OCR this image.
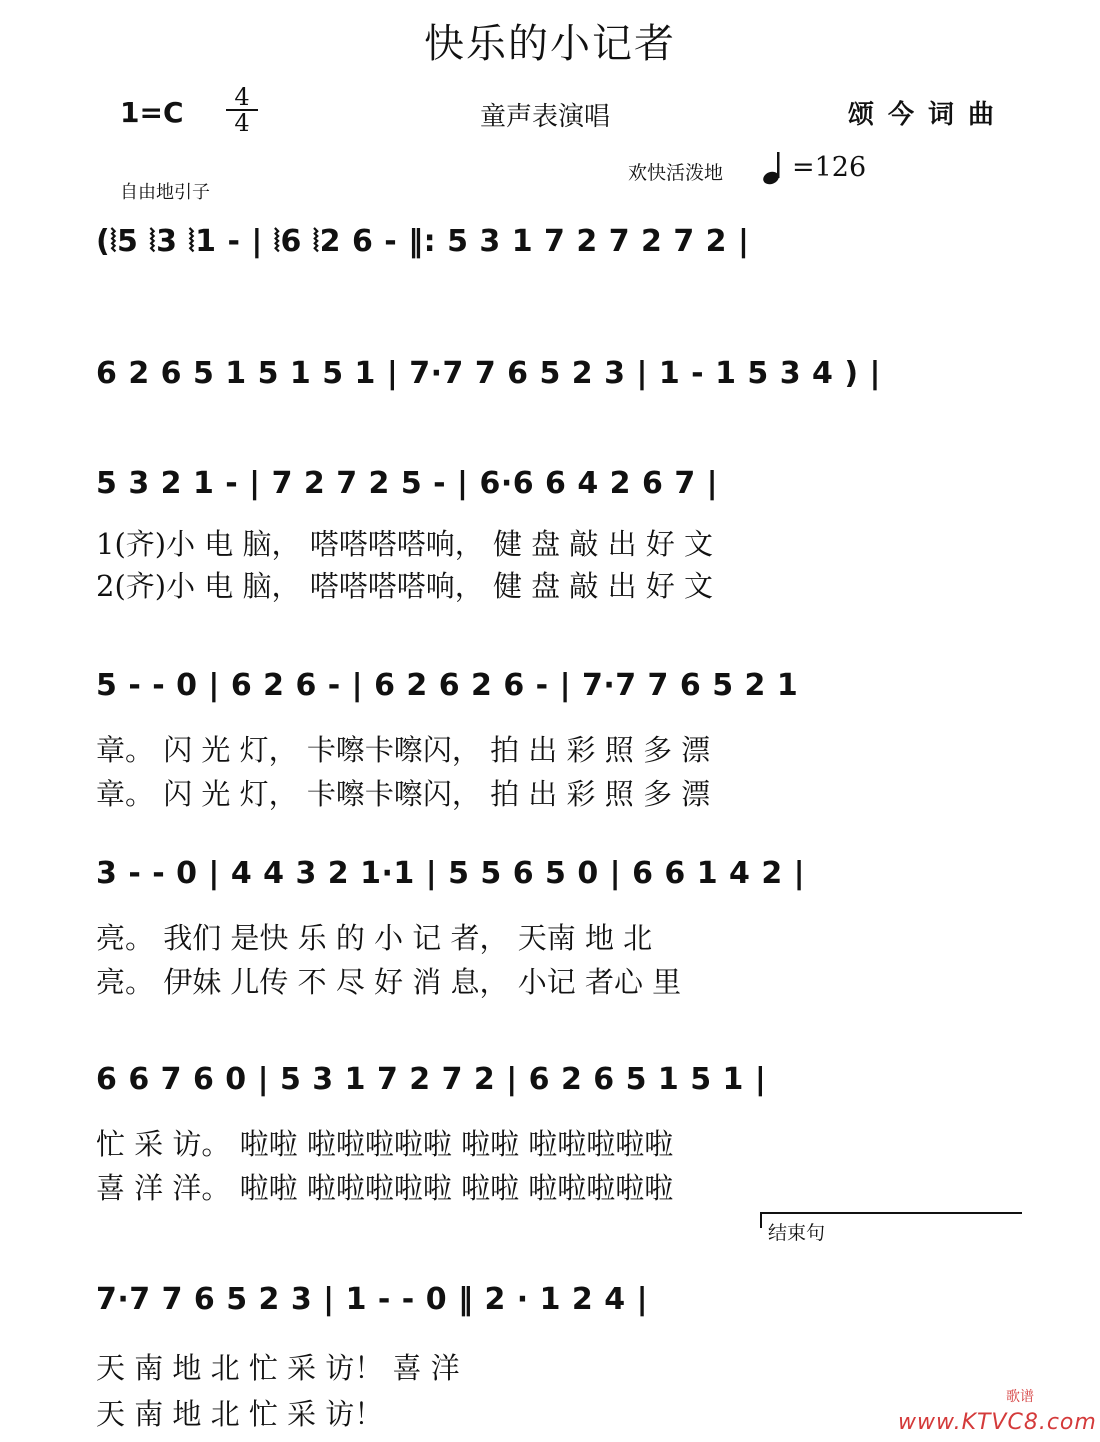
快乐的小记者
1=C	4
4	童声表演唱	颂今词曲
欢快活泼地	=126
自由地引子
(⦚5 ⦚3 ⦚1 - | ⦚6 ⦚2 6 - ‖: 5 3 1 7 2 7 2 7 2 |
6 2 6 5 1 5 1 5 1 | 7·7 7 6 5 2 3 | 1 - 1 5 3 4 ) |
5 3 2 1 - | 7 2 7 2 5 - | 6·6 6 4 2 6 7 |
1(齐)小 电 脑， 嗒嗒嗒嗒响， 健 盘 敲 出 好 文
2(齐)小 电 脑， 嗒嗒嗒嗒响， 健 盘 敲 出 好 文
5 - - 0 | 6 2 6 - | 6 2 6 2 6 - | 7·7 7 6 5 2 1
章。 闪 光 灯， 卡嚓卡嚓闪， 拍 出 彩 照 多 漂
章。 闪 光 灯， 卡嚓卡嚓闪， 拍 出 彩 照 多 漂
3 - - 0 | 4 4 3 2 1·1 | 5 5 6 5 0 | 6 6 1 4 2 |
亮。 我们 是快 乐 的 小 记 者， 天南 地 北
亮。 伊妹 儿传 不 尽 好 消 息， 小记 者心 里
6 6 7 6 0 | 5 3 1 7 2 7 2 | 6 2 6 5 1 5 1 |
忙 采 访。 啦啦 啦啦啦啦啦 啦啦 啦啦啦啦啦
喜 洋 洋。 啦啦 啦啦啦啦啦 啦啦 啦啦啦啦啦
结束句
7·7 7 6 5 2 3 | 1 - - 0 ‖ 2 · 1 2 4 |
天 南 地 北 忙 采 访！ 喜 洋
天 南 地 北 忙 采 访！	歌谱
www.KTVC8.com
